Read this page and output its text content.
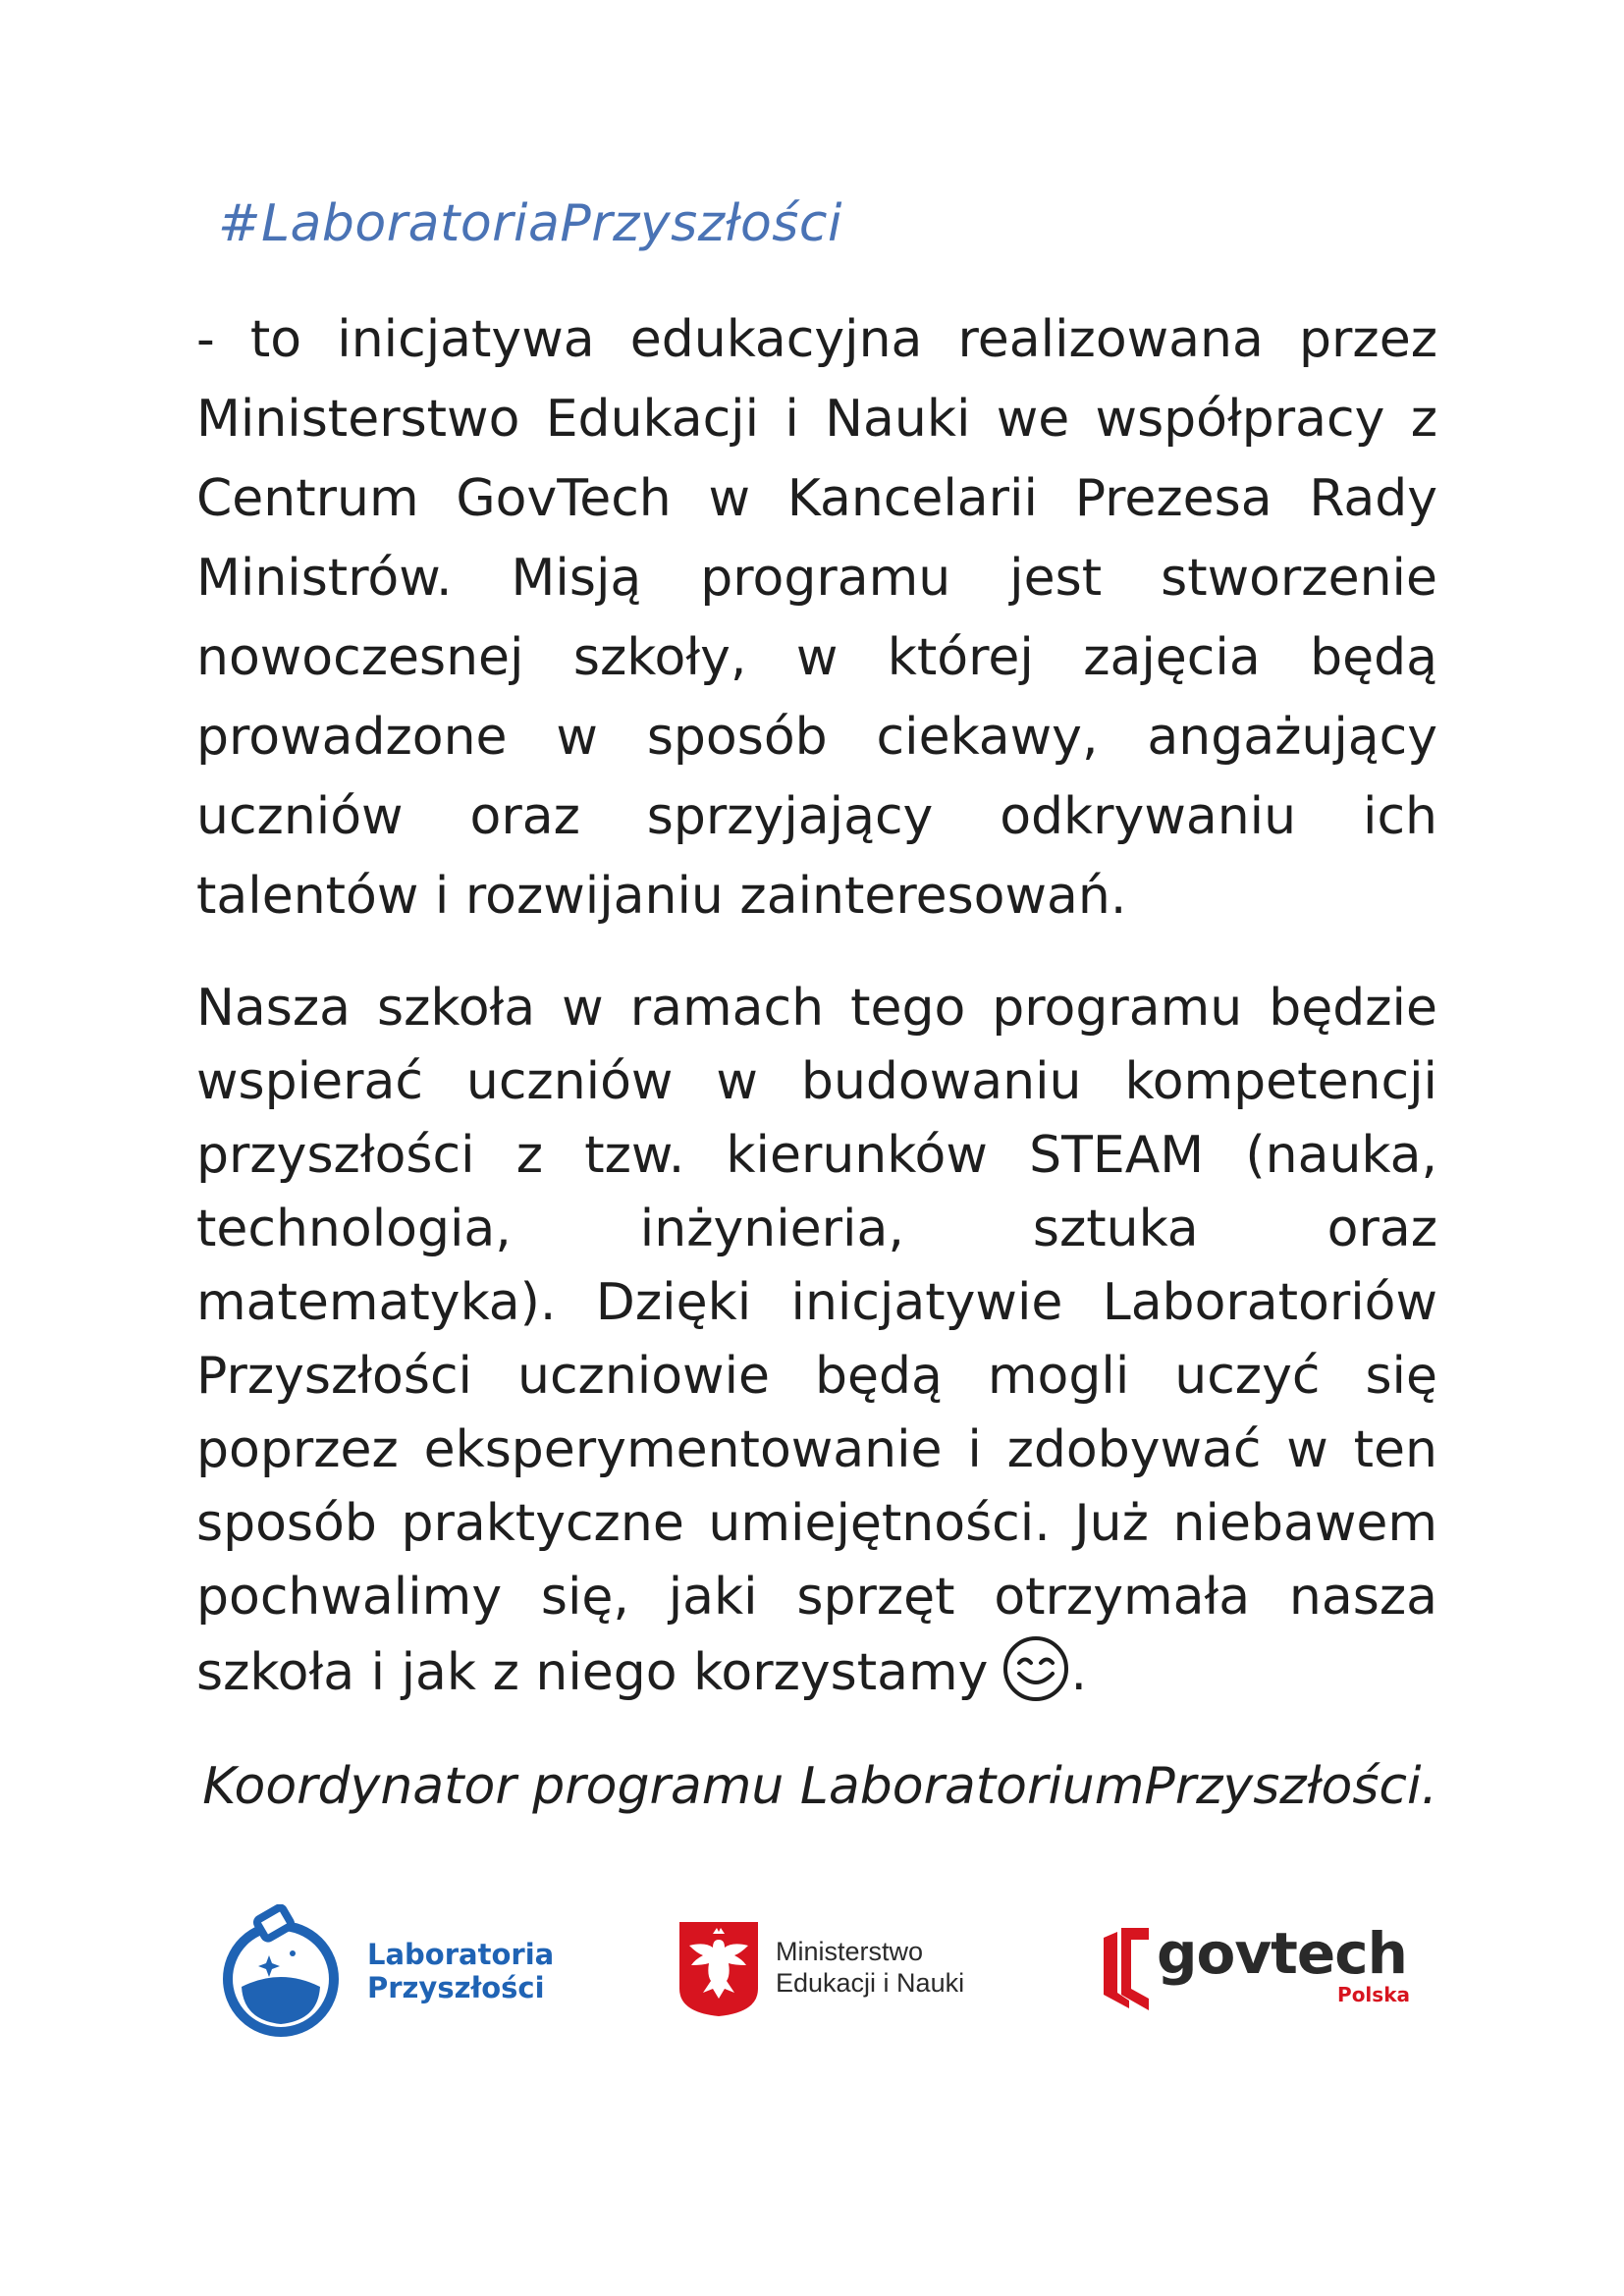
#LaboratoriaPrzyszłości

- to inicjatywa edukacyjna realizowana przez Ministerstwo Edukacji i Nauki we współpracy z Centrum GovTech w Kancelarii Prezesa Rady Ministrów. Misją programu jest stworzenie nowoczesnej szkoły, w której zajęcia będą prowadzone w sposób ciekawy, angażujący uczniów oraz sprzyjający odkrywaniu ich talentów i rozwijaniu zainteresowań.

Nasza szkoła w ramach tego programu będzie wspierać uczniów w budowaniu kompetencji przyszłości z tzw. kierunków STEAM (nauka, technologia, inżynieria, sztuka oraz matematyka). Dzięki inicjatywie Laboratoriów Przyszłości uczniowie będą mogli uczyć się poprzez eksperymentowanie i zdobywać w ten sposób praktyczne umiejętności. Już niebawem pochwalimy się, jaki sprzęt otrzymała nasza szkoła i jak z niego korzystamy .

Koordynator programu LaboratoriumPrzyszłości.

Laboratoria
Przyszłości
Ministerstwo
Edukacji i Nauki	govtech
Polska
